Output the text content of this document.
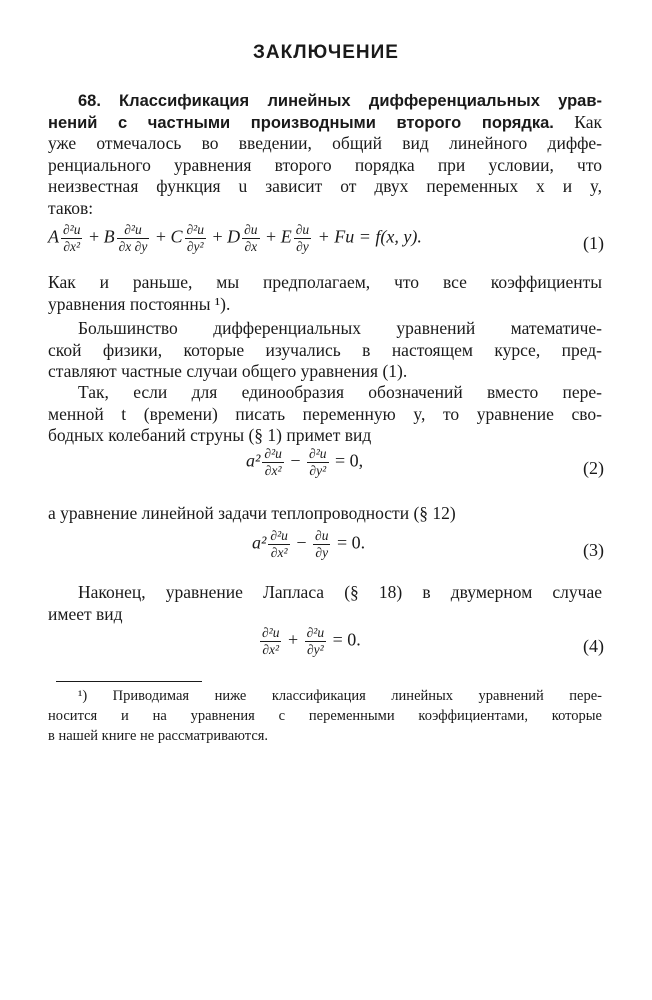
ЗАКЛЮЧЕНИЕ
68. Классификация линейных дифференциальных урав-
нений с частными производными второго порядка. Как
уже отмечалось во введении, общий вид линейного диффе-
ренциального уравнения второго порядка при условии, что
неизвестная функция u зависит от двух переменных x и y,
таков:
A $\frac{\text{∂²u}}{\text{∂x²}} + B \frac{\text{∂²u}}{\partial x \partial y} + C \frac{\text{∂²u}}{\text{∂y²}} + D \frac{\partial u}{\partial x} + E \frac{\partial u}{\partial y} + Fu = f(x$, y).	(1)
Как и раньше, мы предполагаем, что все коэффициенты
уравнения постоянны ¹).
Большинство дифференциальных уравнений математиче-
ской физики, которые изучались в настоящем курсе, пред-
ставляют частные случаи общего уравнения (1).
Так, если для единообразия обозначений вместо пере-
менной t (времени) писать переменную y, то уравнение сво-
бодных колебаний струны (§ 1) примет вид
$a^2 \frac{\text{∂²u}}{\text{∂x²}} - \frac{\text{∂²u}}{\text{∂y²}} = 0$,	(2)
а уравнение линейной задачи теплопроводности (§ 12)
$a^2 \frac{\text{∂²u}}{\text{∂x²}} - \frac{\partial u}{\partial y} = 0$.	(3)
Наконец, уравнение Лапласа (§ 18) в двумерном случае
имеет вид
$\frac{\text{∂²u}}{\text{∂x²}} + \frac{\text{∂²u}}{\text{∂y²}} = 0$.	(4)
¹) Приводимая ниже классификация линейных уравнений пере-
носится и на уравнения с переменными коэффициентами, которые
в нашей книге не рассматриваются.
